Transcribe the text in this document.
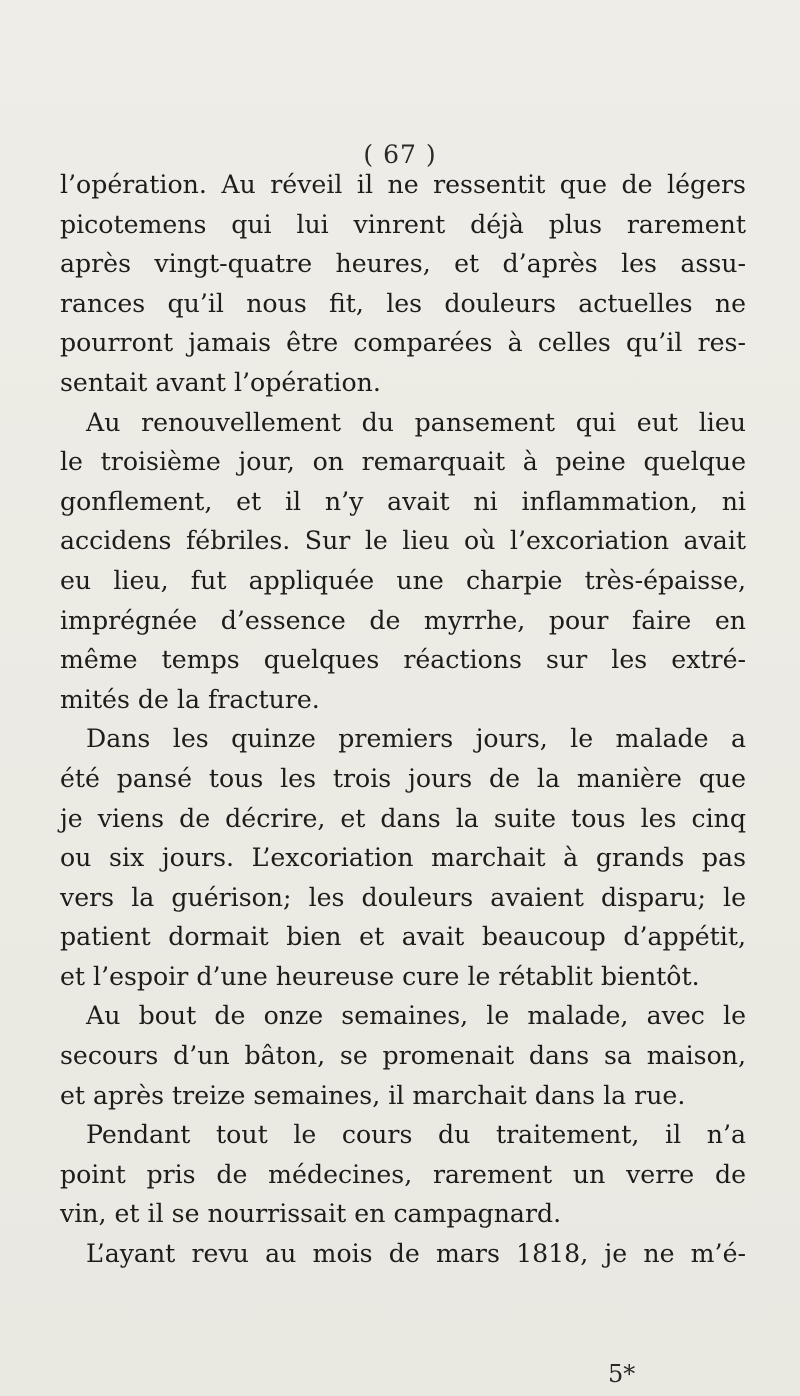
( 67 )
l’opération. Au réveil il ne ressentit que de légers
picotemens qui lui vinrent déjà plus rarement
après vingt-quatre heures, et d’après les assu-
rances qu’il nous fit, les douleurs actuelles ne
pourront jamais être comparées à celles qu’il res-
sentait avant l’opération.
Au renouvellement du pansement qui eut lieu
le troisième jour, on remarquait à peine quelque
gonflement, et il n’y avait ni inflammation, ni
accidens fébriles. Sur le lieu où l’excoriation avait
eu lieu, fut appliquée une charpie très-épaisse,
imprégnée d’essence de myrrhe, pour faire en
même temps quelques réactions sur les extré-
mités de la fracture.
Dans les quinze premiers jours, le malade a
été pansé tous les trois jours de la manière que
je viens de décrire, et dans la suite tous les cinq
ou six jours. L’excoriation marchait à grands pas
vers la guérison; les douleurs avaient disparu; le
patient dormait bien et avait beaucoup d’appétit,
et l’espoir d’une heureuse cure le rétablit bientôt.
Au bout de onze semaines, le malade, avec le
secours d’un bâton, se promenait dans sa maison,
et après treize semaines, il marchait dans la rue.
Pendant tout le cours du traitement, il n’a
point pris de médecines, rarement un verre de
vin, et il se nourrissait en campagnard.
L’ayant revu au mois de mars 1818, je ne m’é-
5*
